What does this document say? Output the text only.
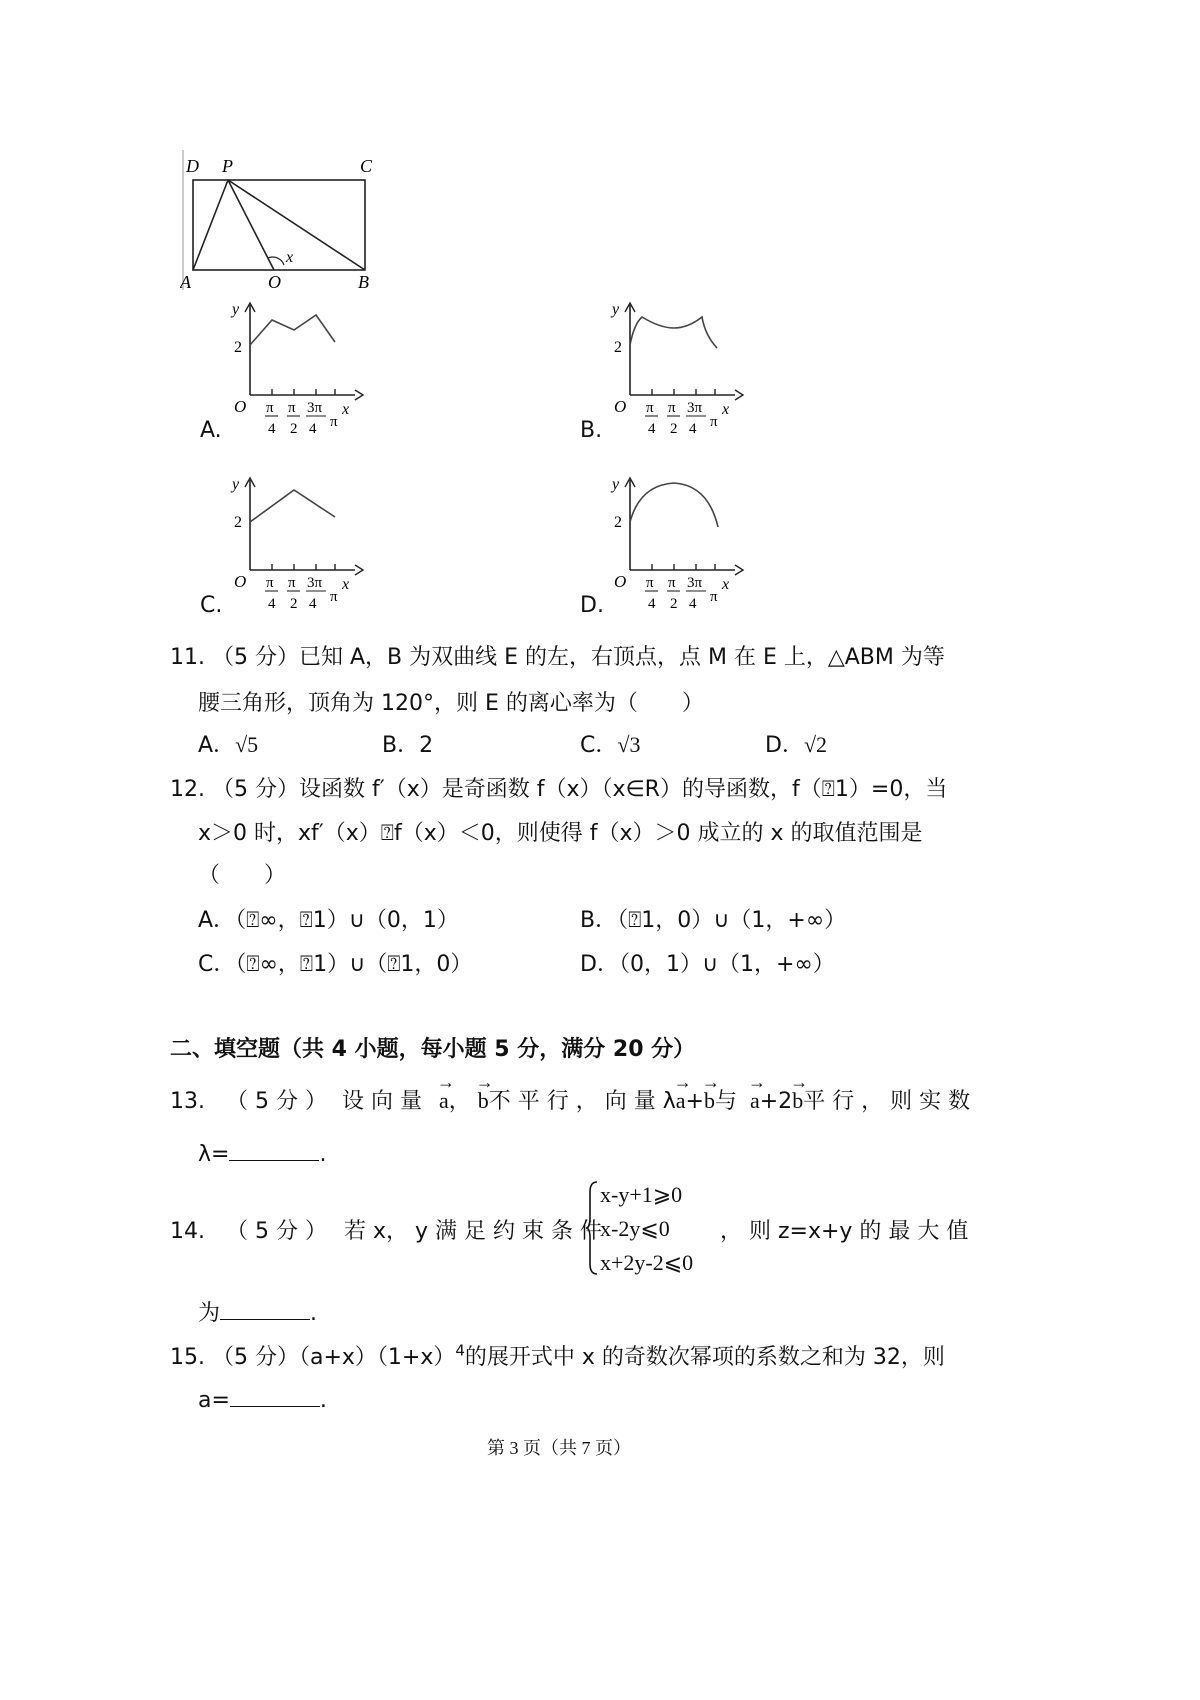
D P	C
A	O	B
x
A.
y
2
O	x
π
4
π
2
3π
4 π	B.
y
2
O	x
π
4
π
2
3π
4 π
C.
y
2
O	x
π
4
π
2
3π
4 π	D.
y
2
O	x
π
4
π
2
3π
4 π
11. （5 分）已知 A，B 为双曲线 E 的左，右顶点，点 M 在 E 上，△ABM 为等
腰三角形，顶角为 120°，则 E 的离心率为（　　）
A．√5	B．2	C．√3	D．√2
12. （5 分）设函数 f′（x）是奇函数 f（x）（x∈R）的导函数，f（⍰1）=0，当
x＞0 时，xf′（x）⍰f（x）＜0，则使得 f（x）＞0 成立的 x 的取值范围是
（　　）
A．（⍰∞，⍰1）∪（0，1）	B．（⍰1，0）∪（1，+∞）
C．（⍰∞，⍰1）∪（⍰1，0）	D．（0，1）∪（1，+∞）
二、填空题（共 4 小题，每小题 5 分，满分 20 分）
13. （ 5 分 ） 设 向 量 → a， → b不 平 行 ， 向 量 λ→ a+→ b与 → a+2→ b平 行 ， 则 实 数
λ=	.
14. （ 5 分 ） 若 x， y 满 足 约 束 条 件
x-y+1⩾0
x-2y⩽0
x+2y-2⩽0
， 则 z=x+y 的 最 大 值
为	.
15. （5 分）$(a+x)(1+x)^4$的展开式中 x 的奇数次幂项的系数之和为 32，则
a=	.
第 3 页（共 7 页）
